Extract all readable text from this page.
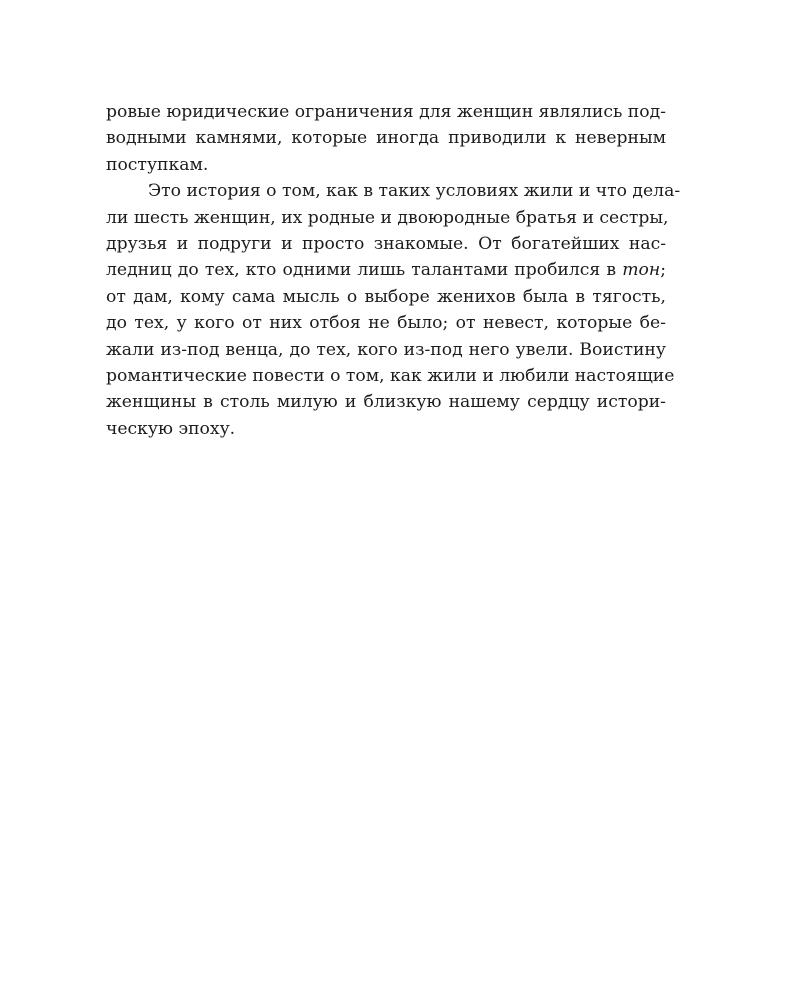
ровые юридические ограничения для женщин являлись под-
водными камнями, которые иногда приводили к неверным
поступкам.
Это история о том, как в таких условиях жили и что дела-
ли шесть женщин, их родные и двоюродные братья и сестры,
друзья и подруги и просто знакомые. От богатейших нас-
ледниц до тех, кто одними лишь талантами пробился в тон;
от дам, кому сама мысль о выборе женихов была в тягость,
до тех, у кого от них отбоя не было; от невест, которые бе-
жали из-под венца, до тех, кого из-под него увели. Воистину
романтические повести о том, как жили и любили настоящие
женщины в столь милую и близкую нашему сердцу истори-
ческую эпоху.
